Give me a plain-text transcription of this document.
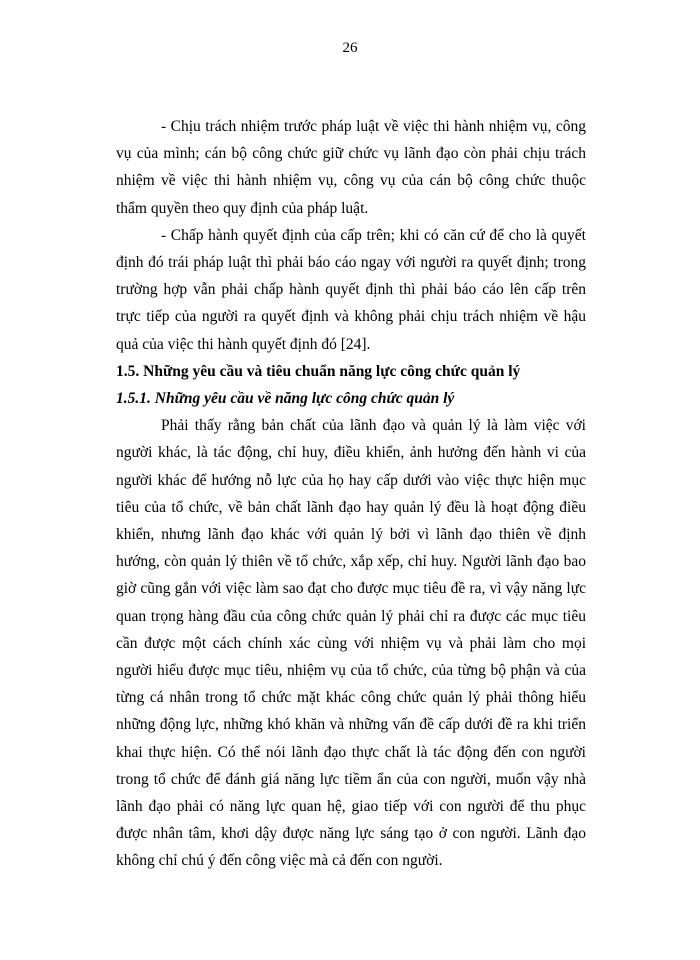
26

- Chịu trách nhiệm trước pháp luật về việc thi hành nhiệm vụ, công vụ của mình; cán bộ công chức giữ chức vụ lãnh đạo còn phải chịu trách nhiệm về việc thi hành nhiệm vụ, công vụ của cán bộ công chức thuộc thẩm quyền theo quy định của pháp luật.

- Chấp hành quyết định của cấp trên; khi có căn cứ để cho là quyết định đó trái pháp luật thì phải báo cáo ngay với người ra quyết định; trong trường hợp vẫn phải chấp hành quyết định thì phải báo cáo lên cấp trên trực tiếp của người ra quyết định và không phải chịu trách nhiệm về hậu quả của việc thi hành quyết định đó [24].

1.5. Những yêu cầu và tiêu chuẩn năng lực công chức quản lý

1.5.1. Những yêu cầu về năng lực công chức quản lý

Phải thấy rằng bản chất của lãnh đạo và quản lý là làm việc với người khác, là tác động, chỉ huy, điều khiển, ảnh hưởng đến hành vi của người khác để hướng nỗ lực của họ hay cấp dưới vào việc thực hiện mục tiêu của tổ chức, về bản chất lãnh đạo hay quản lý đều là hoạt động điều khiển, nhưng lãnh đạo khác với quản lý bởi vì lãnh đạo thiên về định hướng, còn quản lý thiên về tổ chức, xắp xếp, chỉ huy. Người lãnh đạo bao giờ cũng gắn với việc làm sao đạt cho được mục tiêu đề ra, vì vậy năng lực quan trọng hàng đầu của công chức quản lý phải chỉ ra được các mục tiêu cần được một cách chính xác cùng với nhiệm vụ và phải làm cho mọi người hiểu được mục tiêu, nhiệm vụ của tổ chức, của từng bộ phận và của từng cá nhân trong tổ chức mặt khác công chức quản lý phải thông hiểu những động lực, những khó khăn và những vấn đề cấp dưới đề ra khi triển khai thực hiện. Có thể nói lãnh đạo thực chất là tác động đến con người trong tổ chức để đánh giá năng lực tiềm ẩn của con người, muốn vậy nhà lãnh đạo phải có năng lực quan hệ, giao tiếp với con người để thu phục được nhân tâm, khơi dậy được năng lực sáng tạo ở con người. Lãnh đạo không chỉ chú ý đến công việc mà cả đến con người.
